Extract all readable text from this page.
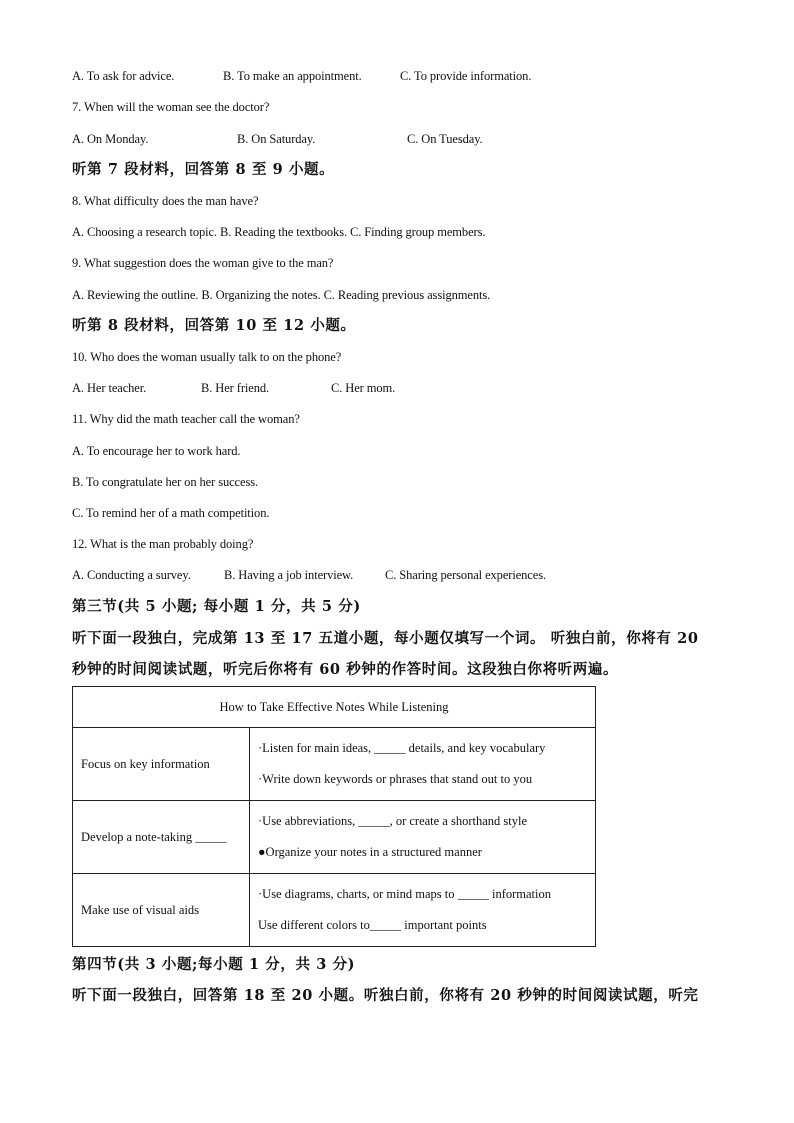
A. To ask for advice.	B. To make an appointment.	C. To provide information.
7. When will the woman see the doctor?
A. On Monday.	B. On Saturday.	C. On Tuesday.
听第 7 段材料，回答第 8 至 9 小题。
8. What difficulty does the man have?
A. Choosing a research topic. B. Reading the textbooks. C. Finding group members.
9. What suggestion does the woman give to the man?
A. Reviewing the outline. B. Organizing the notes. C. Reading previous assignments.
听第 8 段材料，回答第 10 至 12 小题。
10. Who does the woman usually talk to on the phone?
A. Her teacher.	B. Her friend.	C. Her mom.
11. Why did the math teacher call the woman?
A. To encourage her to work hard.
B. To congratulate her on her success.
C. To remind her of a math competition.
12. What is the man probably doing?
A. Conducting a survey.	B. Having a job interview.	C. Sharing personal experiences.
第三节(共 5 小题; 每小题 1 分，共 5 分)
听下面一段独白，完成第 13 至 17 五道小题，每小题仅填写一个词。 听独白前，你将有 20
秒钟的时间阅读试题，听完后你将有 60 秒钟的作答时间。这段独白你将听两遍。
How to Take Effective Notes While Listening	
Focus on key information	·Listen for main ideas, _____ details, and key vocabulary
·Write down keywords or phrases that stand out to you

Develop a note-taking _____	·Use abbreviations, _____, or create a shorthand style
●Organize your notes in a structured manner

Make use of visual aids	·Use diagrams, charts, or mind maps to _____ information
Use different colors to_____ important points
第四节(共 3 小题;每小题 1 分，共 3 分)
听下面一段独白，回答第 18 至 20 小题。听独白前，你将有 20 秒钟的时间阅读试题，听完
